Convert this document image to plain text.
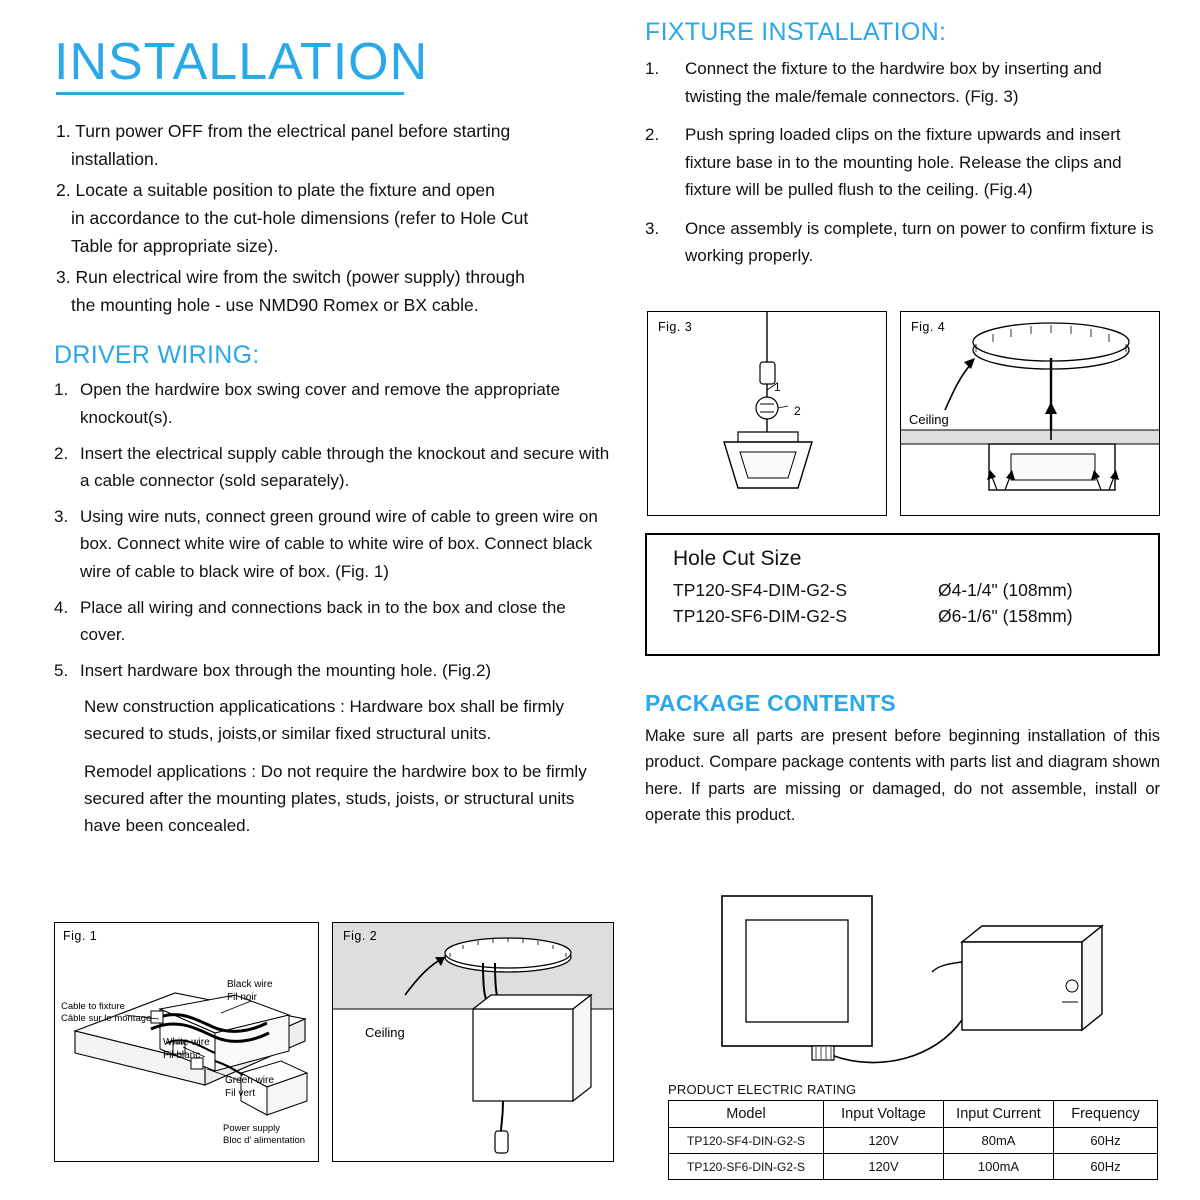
INSTALLATION
1. Turn power OFF from the electrical panel before starting
installation.
2. Locate a suitable position to plate the fixture and open
in accordance to the cut-hole dimensions (refer to Hole Cut
Table for appropriate size).
3. Run electrical wire from the switch (power supply) through
the mounting hole - use NMD90 Romex or BX cable.
DRIVER WIRING:
1. Open the hardwire box swing cover and remove the appropriate knockout(s).
2. Insert the electrical supply cable through the knockout and secure with a cable connector (sold separately).
3. Using wire nuts, connect green ground wire of cable to green wire on box. Connect white wire of cable to white wire of box. Connect black wire of cable to black wire of box. (Fig. 1)
4. Place all wiring and connections back in to the box and close the cover.
5. Insert hardware box through the mounting hole. (Fig.2)
New construction applicatications : Hardware box shall be firmly secured to studs, joists,or similar fixed structural units.
Remodel applications : Do not require the hardwire box to be firmly secured after the mounting plates, studs, joists, or structural units have been concealed.
Fig. 1
Black wire
Fil noir
Cable to fixture
Câble sur le montage
White wire
Fil blanc
Green wire
Fil vert
Power supply
Bloc d' alimentation
Fig. 2
Ceiling
FIXTURE INSTALLATION:
1.	Connect the fixture to the hardwire box by inserting and twisting the male/female connectors. (Fig. 3)
2.	Push spring loaded clips on the fixture upwards and insert fixture base in to the mounting hole. Release the clips and fixture will be pulled flush to the ceiling. (Fig.4)
3.	Once assembly is complete, turn on power to confirm fixture is working properly.
Fig. 3
1
2
Fig. 4
Ceiling
Hole Cut Size
TP120-SF4-DIM-G2-S	Ø4-1/4" (108mm)
TP120-SF6-DIM-G2-S	Ø6-1/6" (158mm)
PACKAGE CONTENTS
Make sure all parts are present before beginning installation of this product. Compare package contents with parts list and diagram shown here. If parts are missing or damaged, do not assemble, install or operate this product.
PRODUCT ELECTRIC RATING
Model	Input Voltage	Input Current	Frequency
TP120-SF4-DIN-G2-S	120V	80mA	60Hz
TP120-SF6-DIN-G2-S	120V	100mA	60Hz
